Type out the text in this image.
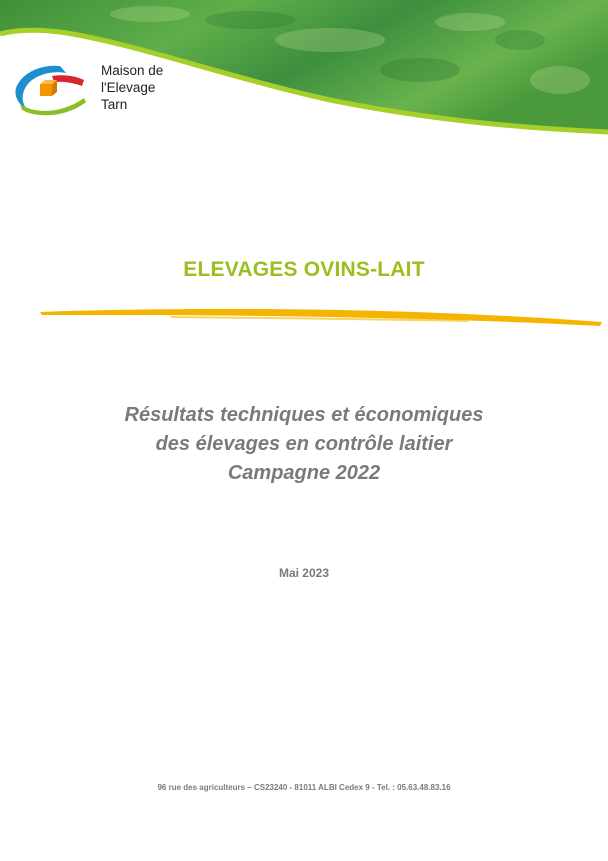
Maison de
l'Elevage
Tarn
ELEVAGES OVINS-LAIT
Résultats techniques et économiques
des élevages en contrôle laitier
Campagne 2022
Mai 2023
96 rue des agriculteurs – CS23240 - 81011 ALBI Cedex 9 - Tel. : 05.63.48.83.16
